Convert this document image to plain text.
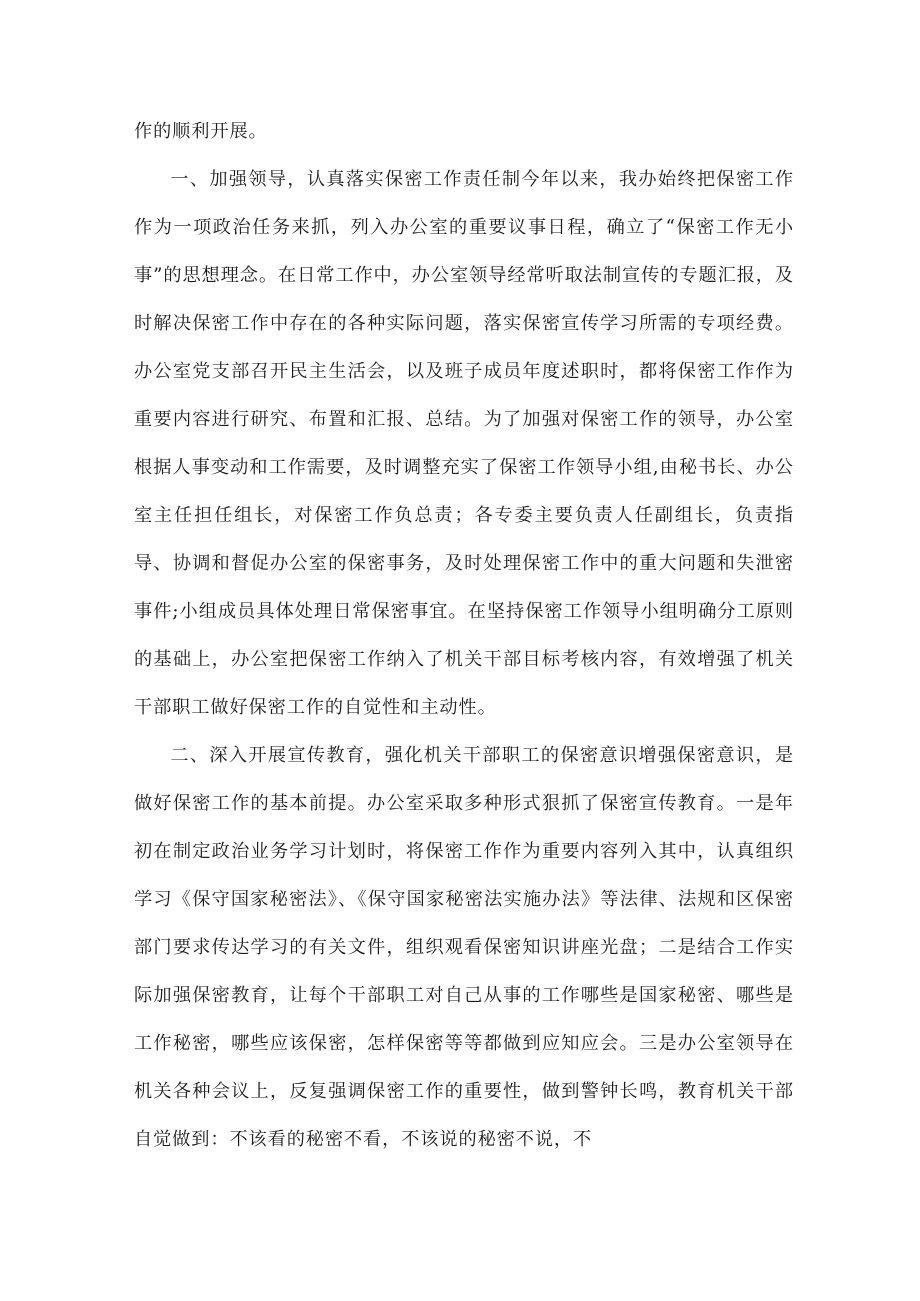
作的顺利开展。

一、加强领导，认真落实保密工作责任制今年以来，我办始终把保密工作作为一项政治任务来抓，列入办公室的重要议事日程，确立了“保密工作无小事”的思想理念。在日常工作中，办公室领导经常听取法制宣传的专题汇报，及时解决保密工作中存在的各种实际问题，落实保密宣传学习所需的专项经费。办公室党支部召开民主生活会，以及班子成员年度述职时，都将保密工作作为重要内容进行研究、布置和汇报、总结。为了加强对保密工作的领导，办公室根据人事变动和工作需要，及时调整充实了保密工作领导小组,由秘书长、办公室主任担任组长，对保密工作负总责；各专委主要负责人任副组长，负责指导、协调和督促办公室的保密事务，及时处理保密工作中的重大问题和失泄密事件;小组成员具体处理日常保密事宜。在坚持保密工作领导小组明确分工原则的基础上，办公室把保密工作纳入了机关干部目标考核内容，有效增强了机关干部职工做好保密工作的自觉性和主动性。

二、深入开展宣传教育，强化机关干部职工的保密意识增强保密意识，是做好保密工作的基本前提。办公室采取多种形式狠抓了保密宣传教育。一是年初在制定政治业务学习计划时，将保密工作作为重要内容列入其中，认真组织学习《保守国家秘密法》、《保守国家秘密法实施办法》等法律、法规和区保密部门要求传达学习的有关文件，组织观看保密知识讲座光盘；二是结合工作实际加强保密教育，让每个干部职工对自己从事的工作哪些是国家秘密、哪些是工作秘密，哪些应该保密，怎样保密等等都做到应知应会。三是办公室领导在机关各种会议上，反复强调保密工作的重要性，做到警钟长鸣，教育机关干部自觉做到：不该看的秘密不看，不该说的秘密不说，不
